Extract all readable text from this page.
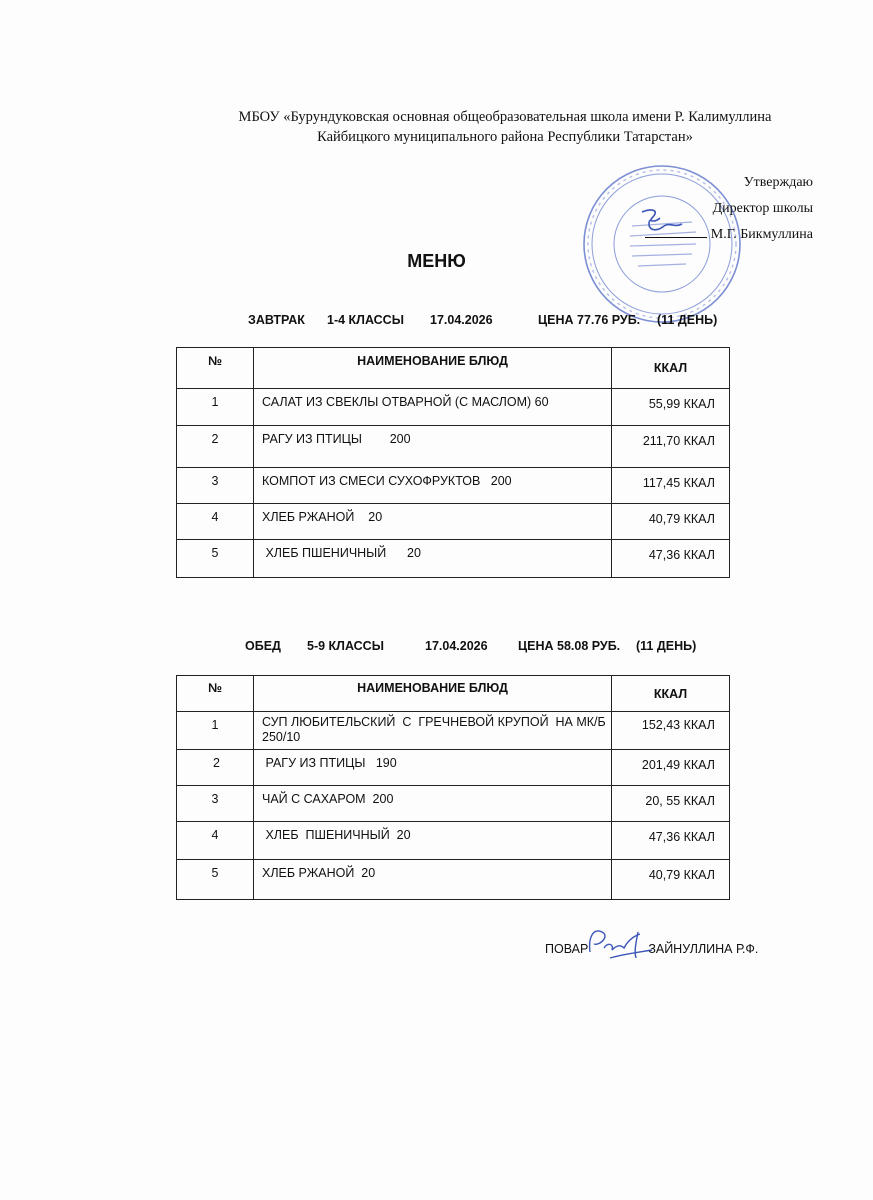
МБОУ «Бурундуковская основная общеобразовательная школа имени Р. Калимуллина
Кайбицкого муниципального района Республики Татарстан»
Утверждаю
Директор школы
М.Г. Бикмуллина
МЕНЮ
ЗАВТРАК 1-4 КЛАССЫ 17.04.2026	ЦЕНА 77.76 РУБ. (11 ДЕНЬ)
№	НАИМЕНОВАНИЕ БЛЮД	ККАЛ
1	САЛАТ ИЗ СВЕКЛЫ ОТВАРНОЙ (С МАСЛОМ) 60	55,99 ККАЛ
2	РАГУ ИЗ ПТИЦЫ        200	211,70 ККАЛ
3	КОМПОТ ИЗ СМЕСИ СУХОФРУКТОВ   200	117,45 ККАЛ
4	ХЛЕБ РЖАНОЙ    20	40,79 ККАЛ
5	ХЛЕБ ПШЕНИЧНЫЙ      20	47,36 ККАЛ
ОБЕД 5-9 КЛАССЫ	17.04.2026 ЦЕНА 58.08 РУБ. (11 ДЕНЬ)
№	НАИМЕНОВАНИЕ БЛЮД	ККАЛ
1	СУП ЛЮБИТЕЛЬСКИЙ  С  ГРЕЧНЕВОЙ КРУПОЙ  НА МК/Б   250/10	152,43 ККАЛ
2	РАГУ ИЗ ПТИЦЫ   190	201,49 ККАЛ
3	ЧАЙ С САХАРОМ  200	20, 55 ККАЛ
4	ХЛЕБ  ПШЕНИЧНЫЙ  20	47,36 ККАЛ
5	ХЛЕБ РЖАНОЙ  20	40,79 ККАЛ
ПОВАР	ЗАЙНУЛЛИНА Р.Ф.
